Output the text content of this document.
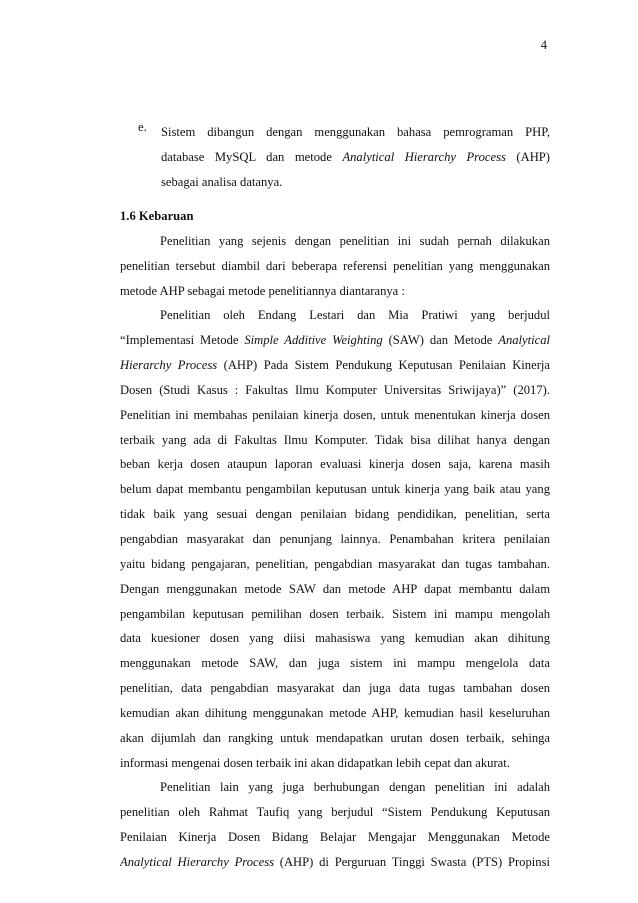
4
e. Sistem dibangun dengan menggunakan bahasa pemrograman PHP,
database MySQL dan metode Analytical Hierarchy Process (AHP)
sebagai analisa datanya.
1.6 Kebaruan
Penelitian yang sejenis dengan penelitian ini sudah pernah dilakukan
penelitian tersebut diambil dari beberapa referensi penelitian yang menggunakan
metode AHP sebagai metode penelitiannya diantaranya :
Penelitian oleh Endang Lestari dan Mia Pratiwi yang berjudul
“Implementasi Metode Simple Additive Weighting (SAW) dan Metode Analytical
Hierarchy Process (AHP) Pada Sistem Pendukung Keputusan Penilaian Kinerja
Dosen (Studi Kasus : Fakultas Ilmu Komputer Universitas Sriwijaya)” (2017).
Penelitian ini membahas penilaian kinerja dosen, untuk menentukan kinerja dosen
terbaik yang ada di Fakultas Ilmu Komputer. Tidak bisa dilihat hanya dengan
beban kerja dosen ataupun laporan evaluasi kinerja dosen saja, karena masih
belum dapat membantu pengambilan keputusan untuk kinerja yang baik atau yang
tidak baik yang sesuai dengan penilaian bidang pendidikan, penelitian, serta
pengabdian masyarakat dan penunjang lainnya. Penambahan kritera penilaian
yaitu bidang pengajaran, penelitian, pengabdian masyarakat dan tugas tambahan.
Dengan menggunakan metode SAW dan metode AHP dapat membantu dalam
pengambilan keputusan pemilihan dosen terbaik. Sistem ini mampu mengolah
data kuesioner dosen yang diisi mahasiswa yang kemudian akan dihitung
menggunakan metode SAW, dan juga sistem ini mampu mengelola data
penelitian, data pengabdian masyarakat dan juga data tugas tambahan dosen
kemudian akan dihitung menggunakan metode AHP, kemudian hasil keseluruhan
akan dijumlah dan rangking untuk mendapatkan urutan dosen terbaik, sehinga
informasi mengenai dosen terbaik ini akan didapatkan lebih cepat dan akurat.
Penelitian lain yang juga berhubungan dengan penelitian ini adalah
penelitian oleh Rahmat Taufiq yang berjudul “Sistem Pendukung Keputusan
Penilaian Kinerja Dosen Bidang Belajar Mengajar Menggunakan Metode
Analytical Hierarchy Process (AHP) di Perguruan Tinggi Swasta (PTS) Propinsi
